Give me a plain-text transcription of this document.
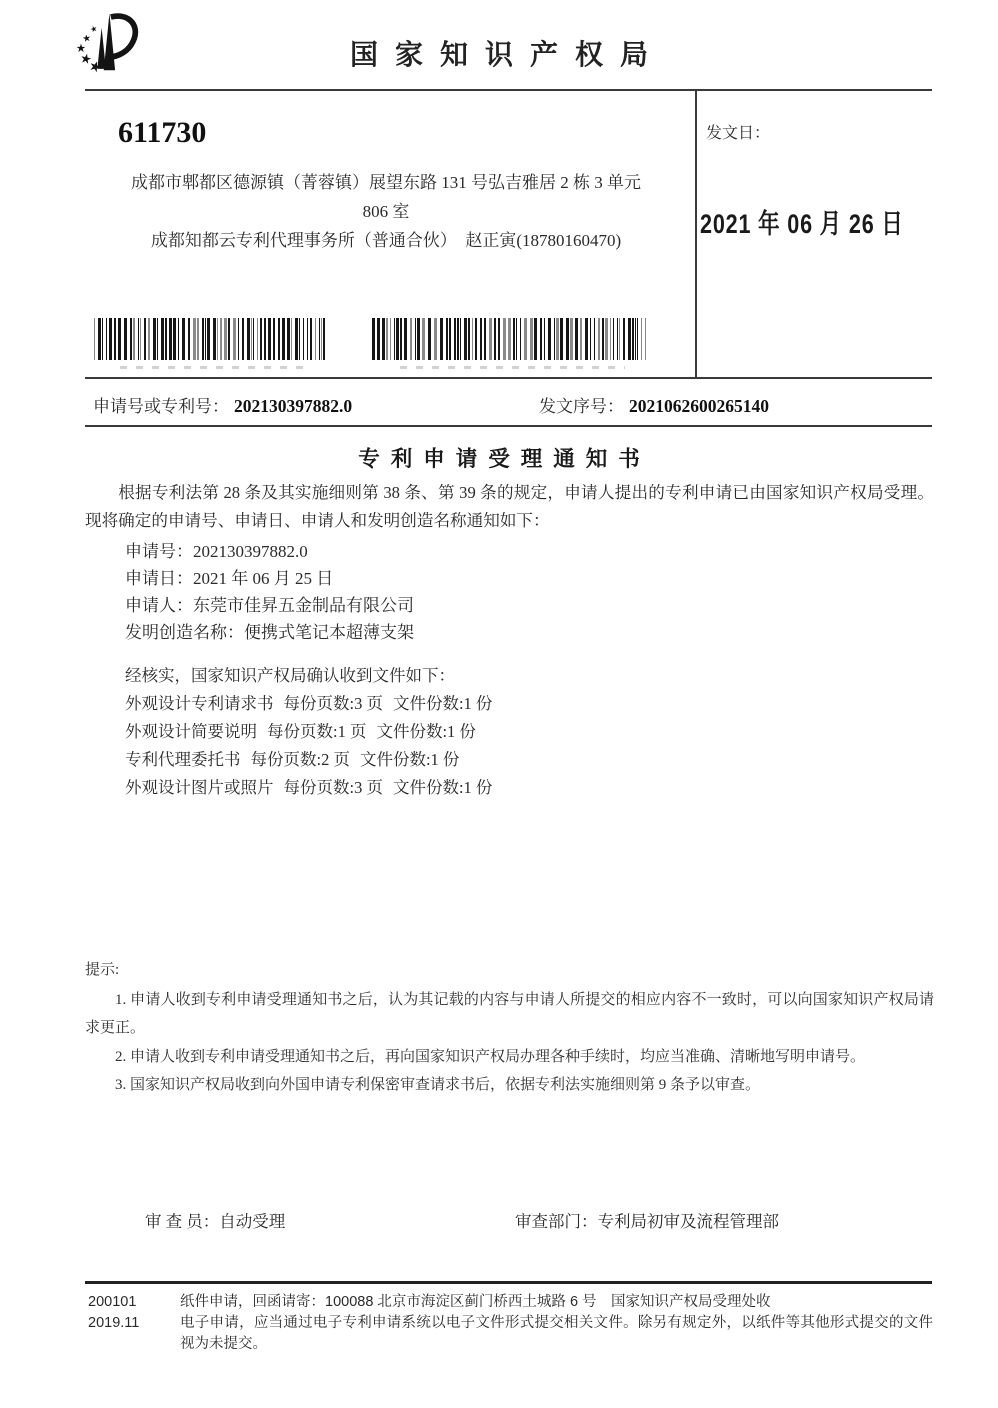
国家知识产权局
611730
成都市郫都区德源镇（菁蓉镇）展望东路 131 号弘吉雅居 2 栋 3 单元
806 室
成都知都云专利代理事务所（普通合伙）　赵正寅(18780160470)
发文日：
2021 年 06 月 26 日
申请号或专利号： 202130397882.0	发文序号： 2021062600265140
专利申请受理通知书
根据专利法第 28 条及其实施细则第 38 条、第 39 条的规定，申请人提出的专利申请已由国家知识产权局受理。现将确定的申请号、申请日、申请人和发明创造名称通知如下：
申请号：202130397882.0
申请日：2021 年 06 月 25 日
申请人：东莞市佳昇五金制品有限公司
发明创造名称：便携式笔记本超薄支架
经核实，国家知识产权局确认收到文件如下：
外观设计专利请求书 每份页数:3 页 文件份数:1 份
外观设计简要说明 每份页数:1 页 文件份数:1 份
专利代理委托书 每份页数:2 页 文件份数:1 份
外观设计图片或照片 每份页数:3 页 文件份数:1 份

提示:

1. 申请人收到专利申请受理通知书之后，认为其记载的内容与申请人所提交的相应内容不一致时，可以向国家知识产权局请求更正。

2. 申请人收到专利申请受理通知书之后，再向国家知识产权局办理各种手续时，均应当准确、清晰地写明申请号。

3. 国家知识产权局收到向外国申请专利保密审查请求书后，依据专利法实施细则第 9 条予以审查。

审 查 员：自动受理	审查部门：专利局初审及流程管理部
200101
2019.11

纸件申请，回函请寄：100088 北京市海淀区蓟门桥西土城路 6 号　国家知识产权局受理处收

电子申请，应当通过电子专利申请系统以电子文件形式提交相关文件。除另有规定外，以纸件等其他形式提交的文件视为未提交。
